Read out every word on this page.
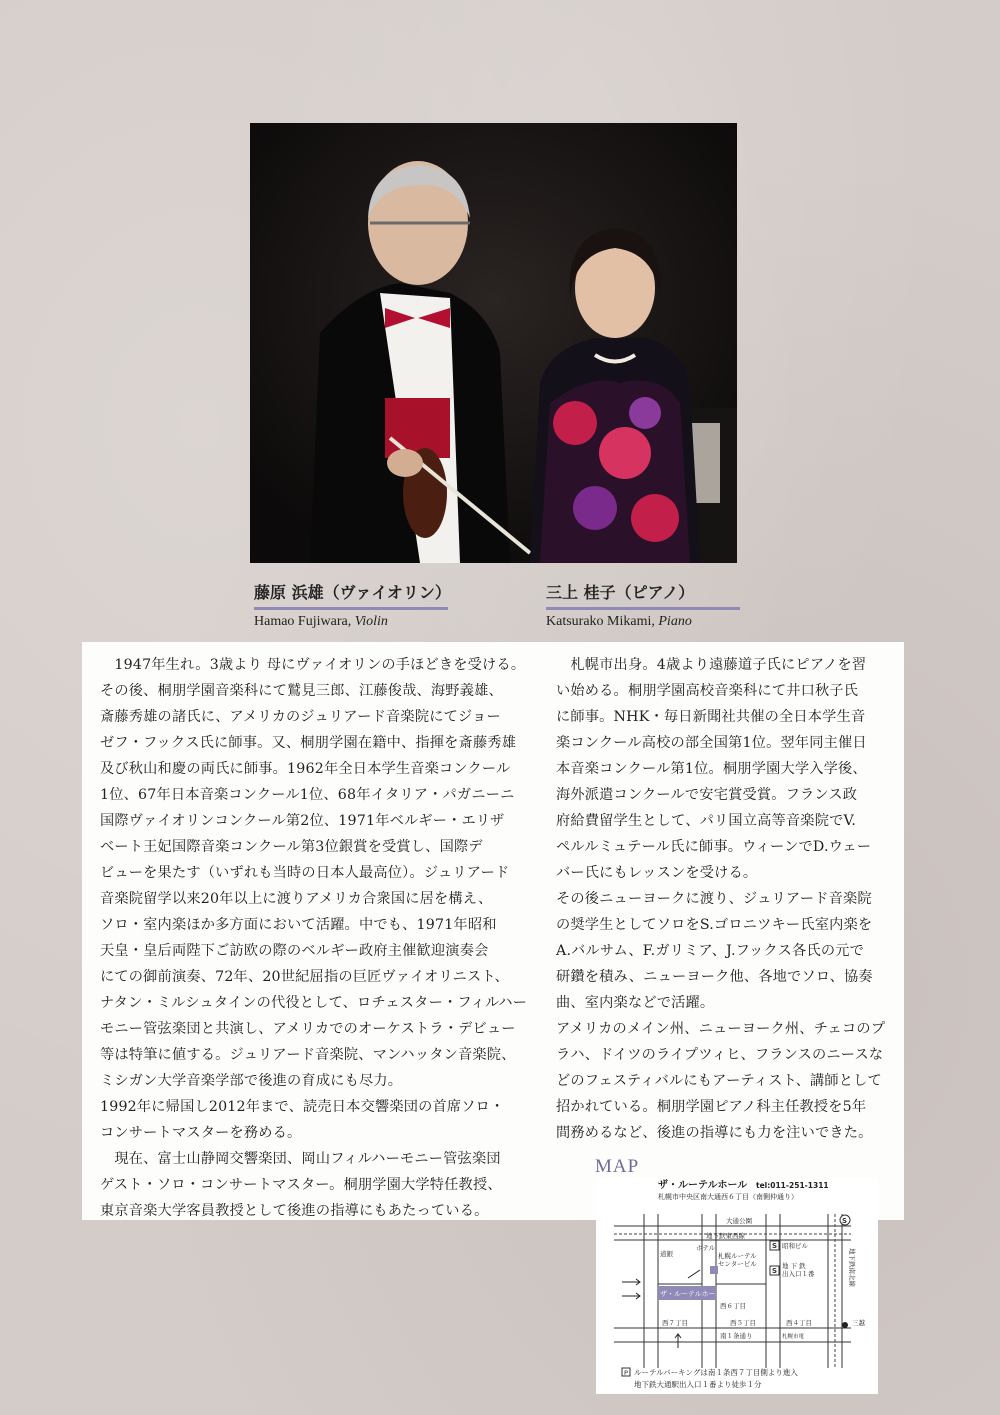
藤原 浜雄（ヴァイオリン）
Hamao Fujiwara, Violin
三上 桂子（ピアノ）
Katsurako Mikami, Piano

　1947年生れ。3歳より 母にヴァイオリンの手ほどきを受ける。

その後、桐朋学園音楽科にて鷲見三郎、江藤俊哉、海野義雄、

斎藤秀雄の諸氏に、アメリカのジュリアード音楽院にてジョー

ゼフ・フックス氏に師事。又、桐朋学園在籍中、指揮を斎藤秀雄

及び秋山和慶の両氏に師事。1962年全日本学生音楽コンクール

1位、67年日本音楽コンクール1位、68年イタリア・パガニーニ

国際ヴァイオリンコンクール第2位、1971年ベルギー・エリザ

ベート王妃国際音楽コンクール第3位銀賞を受賞し、国際デ

ビューを果たす（いずれも当時の日本人最高位）。ジュリアード

音楽院留学以来20年以上に渡りアメリカ合衆国に居を構え、

ソロ・室内楽ほか多方面において活躍。中でも、1971年昭和

天皇・皇后両陛下ご訪欧の際のベルギー政府主催歓迎演奏会

にての御前演奏、72年、20世紀屈指の巨匠ヴァイオリニスト、

ナタン・ミルシュタインの代役として、ロチェスター・フィルハー

モニー管弦楽団と共演し、アメリカでのオーケストラ・デビュー

等は特筆に値する。ジュリアード音楽院、マンハッタン音楽院、

ミシガン大学音楽学部で後進の育成にも尽力。

1992年に帰国し2012年まで、読売日本交響楽団の首席ソロ・

コンサートマスターを務める。

　現在、富士山静岡交響楽団、岡山フィルハーモニー管弦楽団

ゲスト・ソロ・コンサートマスター。桐朋学園大学特任教授、

東京音楽大学客員教授として後進の指導にもあたっている。

　札幌市出身。4歳より遠藤道子氏にピアノを習

い始める。桐朋学園高校音楽科にて井口秋子氏

に師事。NHK・毎日新聞社共催の全日本学生音

楽コンクール高校の部全国第1位。翌年同主催日

本音楽コンクール第1位。桐朋学園大学入学後、

海外派遣コンクールで安宅賞受賞。フランス政

府給費留学生として、パリ国立高等音楽院でV.

ペルルミュテール氏に師事。ウィーンでD.ウェー

バー氏にもレッスンを受ける。

その後ニューヨークに渡り、ジュリアード音楽院

の奨学生としてソロをS.ゴロニツキー氏室内楽を

A.バルサム、F.ガリミア、J.フックス各氏の元で

研鑽を積み、ニューヨーク他、各地でソロ、協奏

曲、室内楽などで活躍。

アメリカのメイン州、ニューヨーク州、チェコのプ

ラハ、ドイツのライプツィヒ、フランスのニースな

どのフェスティバルにもアーティスト、講師として

招かれている。桐朋学園ピアノ科主任教授を5年

間務めるなど、後進の指導にも力を注いできた。

MAP
ザ・ルーテルホール tel:011-251-1311
札幌市中央区南大通西６丁目（南側仲通り）
ザ・ルーテルホール
S
S
S
大通公園
地下鉄東西線
昭和ビル
札幌ルーテル
センタービル	地 下 鉄
出入口１番
道銀
ホテル
西７丁目
西６丁目
西５丁目	西４丁目
南１条通り	札幌市電
三越
地下鉄南北線
P ルーテルパーキングは南１条西７丁目側より進入
地下鉄大通駅出入口１番より徒歩１分
